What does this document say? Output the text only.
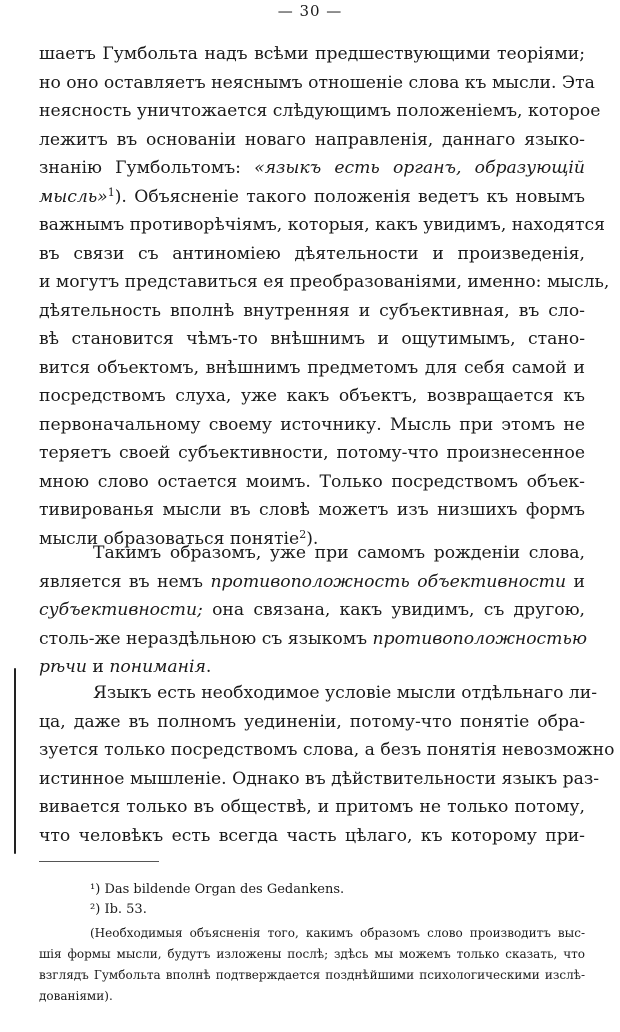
— 30 —
шаетъ Гумбольта надъ всѣми предшествующими теоріями;
но оно оставляетъ неяснымъ отношеніе слова къ мысли. Эта
неясность уничтожается слѣдующимъ положеніемъ, которое
лежитъ въ основаніи новаго направленія, даннаго языко-
знанію Гумбольтомъ: «языкъ есть органъ, образующій
мысль»$^1$). Объясненіе такого положенія ведетъ къ новымъ
важнымъ противорѣчіямъ, которыя, какъ увидимъ, находятся
въ связи съ антиноміею дѣятельности и произведенія,
и могутъ представиться ея преобразованіями, именно: мысль,
дѣятельность вполнѣ внутренняя и субъективная, въ сло-
вѣ становится чѣмъ-то внѣшнимъ и ощутимымъ, стано-
вится объектомъ, внѣшнимъ предметомъ для себя самой и
посредствомъ слуха, уже какъ объектъ, возвращается къ
первоначальному своему источнику. Мысль при этомъ не
теряетъ своей субъективности, потому-что произнесенное
мною слово остается моимъ. Только посредствомъ объек-
тивированья мысли въ словѣ можетъ изъ низшихъ формъ
мысли образоваться понятіе$^2$).
Такимъ образомъ, уже при самомъ рожденіи слова,
является въ немъ противоположность объективности и
субъективности; она связана, какъ увидимъ, съ другою,
столь-же нераздѣльною съ языкомъ противоположностью
рѣчи и пониманія.
Языкъ есть необходимое условіе мысли отдѣльнаго ли-
ца, даже въ полномъ уединеніи, потому-что понятіе обра-
зуется только посредствомъ слова, а безъ понятія невозможно
истинное мышленіе. Однако въ дѣйствительности языкъ раз-
вивается только въ обществѣ, и притомъ не только потому,
что человѣкъ есть всегда часть цѣлаго, къ которому при-
¹) Das bildende Organ des Gedankens.
²) Ib. 53.
(Необходимыя объясненія того, какимъ образомъ слово производитъ выс-
шія формы мысли, будутъ изложены послѣ; здѣсь мы можемъ только сказать, что
взглядъ Гумбольта вполнѣ подтверждается позднѣйшими психологическими изслѣ-
дованіями).
